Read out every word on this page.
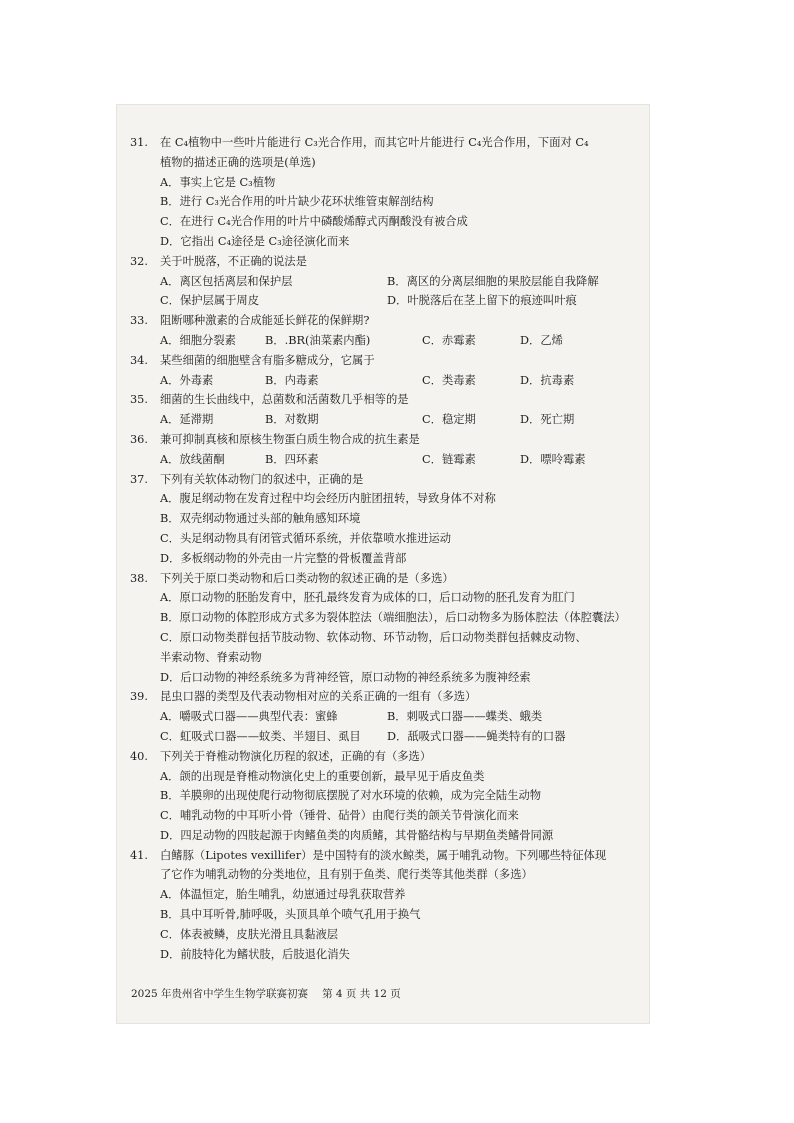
31. 在 C₄植物中一些叶片能进行 C₃光合作用，而其它叶片能进行 C₄光合作用，下面对 C₄
植物的描述正确的选项是(单选)
A．事实上它是 C₃植物
B．进行 C₃光合作用的叶片缺少花环状维管束解剖结构
C．在进行 C₄光合作用的叶片中磷酸烯醇式丙酮酸没有被合成
D．它指出 C₄途径是 C₃途径演化而来
32. 关于叶脱落，不正确的说法是
A．离区包括离层和保护层	B．离区的分离层细胞的果胶层能自我降解
C．保护层属于周皮	D．叶脱落后在茎上留下的痕迹叫叶痕
33. 阻断哪种激素的合成能延长鲜花的保鲜期?
A．细胞分裂素	B．.BR(油菜素内酯)	C．赤霉素	D．乙烯
34. 某些细菌的细胞壁含有脂多糖成分，它属于
A．外毒素	B．内毒素	C．类毒素	D．抗毒素
35. 细菌的生长曲线中，总菌数和活菌数几乎相等的是
A．延滞期	B．对数期	C．稳定期	D．死亡期
36. 兼可抑制真核和原核生物蛋白质生物合成的抗生素是
A．放线菌酮	B．四环素	C．链霉素	D．嘌呤霉素
37. 下列有关软体动物门的叙述中，正确的是
A．腹足纲动物在发育过程中均会经历内脏团扭转，导致身体不对称
B．双壳纲动物通过头部的触角感知环境
C．头足纲动物具有闭管式循环系统，并依靠喷水推进运动
D．多板纲动物的外壳由一片完整的骨板覆盖背部
38. 下列关于原口类动物和后口类动物的叙述正确的是（多选）
A．原口动物的胚胎发育中，胚孔最终发育为成体的口，后口动物的胚孔发育为肛门
B．原口动物的体腔形成方式多为裂体腔法（端细胞法），后口动物多为肠体腔法（体腔囊法）
C．原口动物类群包括节肢动物、软体动物、环节动物，后口动物类群包括棘皮动物、
半索动物、脊索动物
D．后口动物的神经系统多为背神经管，原口动物的神经系统多为腹神经索
39. 昆虫口器的类型及代表动物相对应的关系正确的一组有（多选）
A．嚼吸式口器——典型代表：蜜蜂	B．刺吸式口器——蝶类、蛾类
C．虹吸式口器——蚊类、半翅目、虱目	D．舐吸式口器——蝇类特有的口器
40. 下列关于脊椎动物演化历程的叙述，正确的有（多选）
A．颌的出现是脊椎动物演化史上的重要创新，最早见于盾皮鱼类
B．羊膜卵的出现使爬行动物彻底摆脱了对水环境的依赖，成为完全陆生动物
C．哺乳动物的中耳听小骨（锤骨、砧骨）由爬行类的颌关节骨演化而来
D．四足动物的四肢起源于肉鳍鱼类的肉质鳍，其骨骼结构与早期鱼类鳍骨同源
41. 白鳍豚（Lipotes vexillifer）是中国特有的淡水鲸类，属于哺乳动物。下列哪些特征体现
了它作为哺乳动物的分类地位，且有别于鱼类、爬行类等其他类群（多选）
A．体温恒定，胎生哺乳，幼崽通过母乳获取营养
B．具中耳听骨,肺呼吸，头顶具单个喷气孔用于换气
C．体表被鳞，皮肤光滑且具黏液层
D．前肢特化为鳍状肢，后肢退化消失
2025 年贵州省中学生生物学联赛初赛 第 4 页 共 12 页
